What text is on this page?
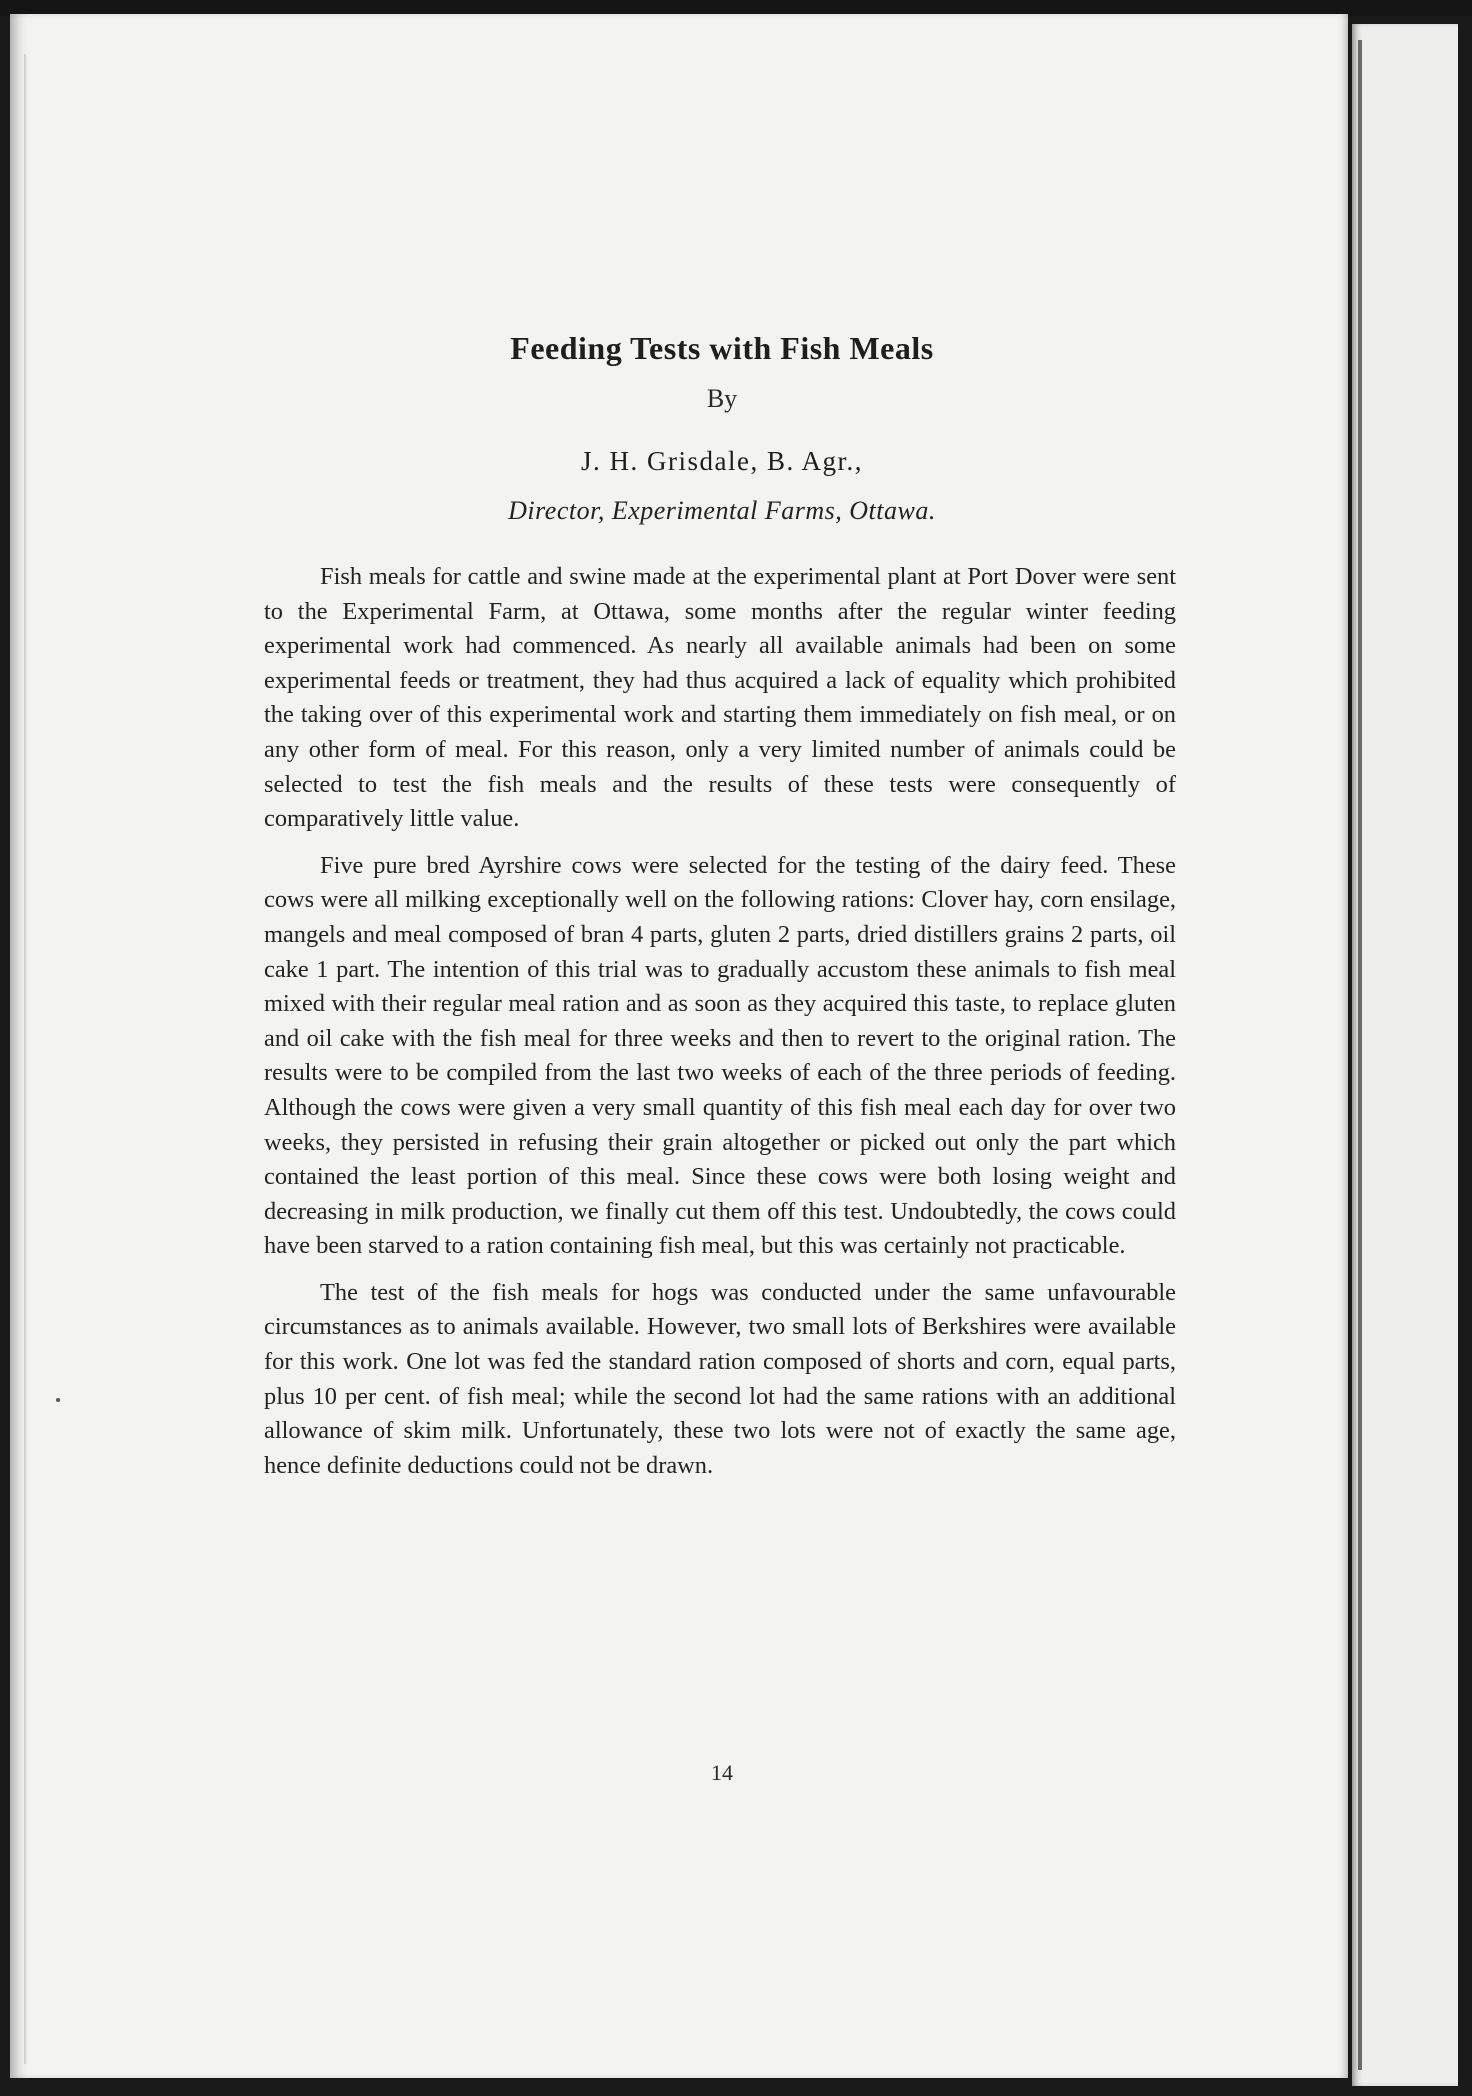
Feeding Tests with Fish Meals
By
J. H. Grisdale, B. Agr.,
Director, Experimental Farms, Ottawa.

Fish meals for cattle and swine made at the experimental plant at Port Dover were sent to the Experimental Farm, at Ottawa, some months after the regular winter feeding experimental work had commenced. As nearly all available animals had been on some experimental feeds or treatment, they had thus acquired a lack of equality which prohibited the taking over of this experimental work and starting them immediately on fish meal, or on any other form of meal. For this reason, only a very limited number of animals could be selected to test the fish meals and the results of these tests were consequently of comparatively little value.

Five pure bred Ayrshire cows were selected for the testing of the dairy feed. These cows were all milking exceptionally well on the following rations: Clover hay, corn ensilage, mangels and meal composed of bran 4 parts, gluten 2 parts, dried distillers grains 2 parts, oil cake 1 part. The intention of this trial was to gradually accustom these animals to fish meal mixed with their regular meal ration and as soon as they acquired this taste, to replace gluten and oil cake with the fish meal for three weeks and then to revert to the original ration. The results were to be compiled from the last two weeks of each of the three periods of feeding. Although the cows were given a very small quantity of this fish meal each day for over two weeks, they persisted in refusing their grain altogether or picked out only the part which contained the least portion of this meal. Since these cows were both losing weight and decreasing in milk production, we finally cut them off this test. Undoubtedly, the cows could have been starved to a ration containing fish meal, but this was certainly not practicable.

The test of the fish meals for hogs was conducted under the same unfavourable circumstances as to animals available. However, two small lots of Berkshires were available for this work. One lot was fed the standard ration composed of shorts and corn, equal parts, plus 10 per cent. of fish meal; while the second lot had the same rations with an additional allowance of skim milk. Unfortunately, these two lots were not of exactly the same age, hence definite deductions could not be drawn.

14
